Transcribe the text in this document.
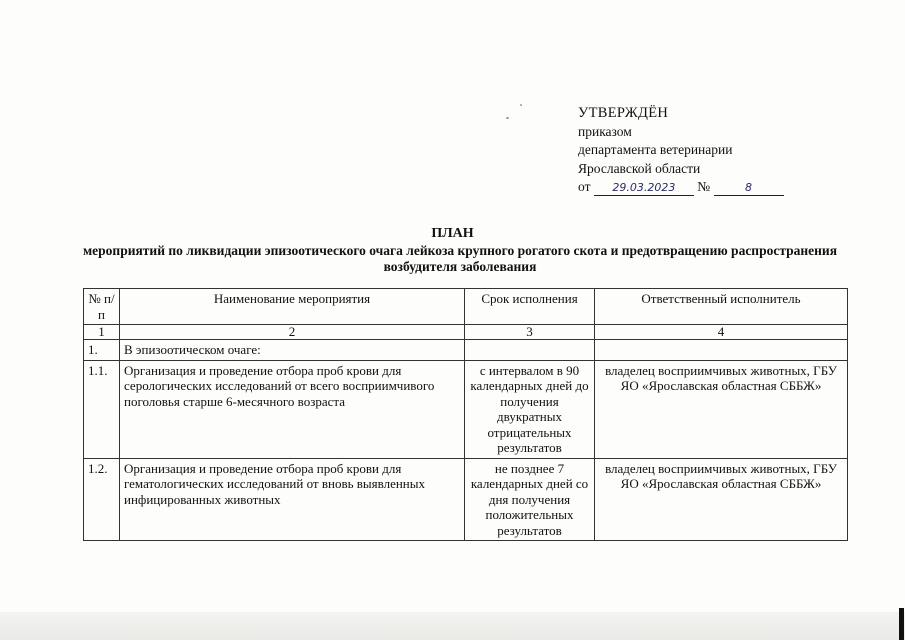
УТВЕРЖДЁН
приказом
департамента ветеринарии
Ярославской области
от 29.03.2023 №	8
ПЛАН
мероприятий по ликвидации эпизоотического очага лейкоза крупного рогатого скота и предотвращению распространения возбудителя заболевания
№ п/п	Наименование мероприятия	Срок исполнения	Ответственный исполнитель
1	2	3	4
1.	В эпизоотическом очаге:		
1.1.	Организация и проведение отбора проб крови для серологических исследований от всего восприимчивого поголовья старше 6-месячного возраста	с интервалом в 90 календарных дней до получения двукратных отрицательных результатов	владелец восприимчивых животных, ГБУ ЯО «Ярославская областная СББЖ»
1.2.	Организация и проведение отбора проб крови для гематологических исследований от вновь выявленных инфицированных животных	не позднее 7 календарных дней со дня получения положительных результатов	владелец восприимчивых животных, ГБУ ЯО «Ярославская областная СББЖ»
